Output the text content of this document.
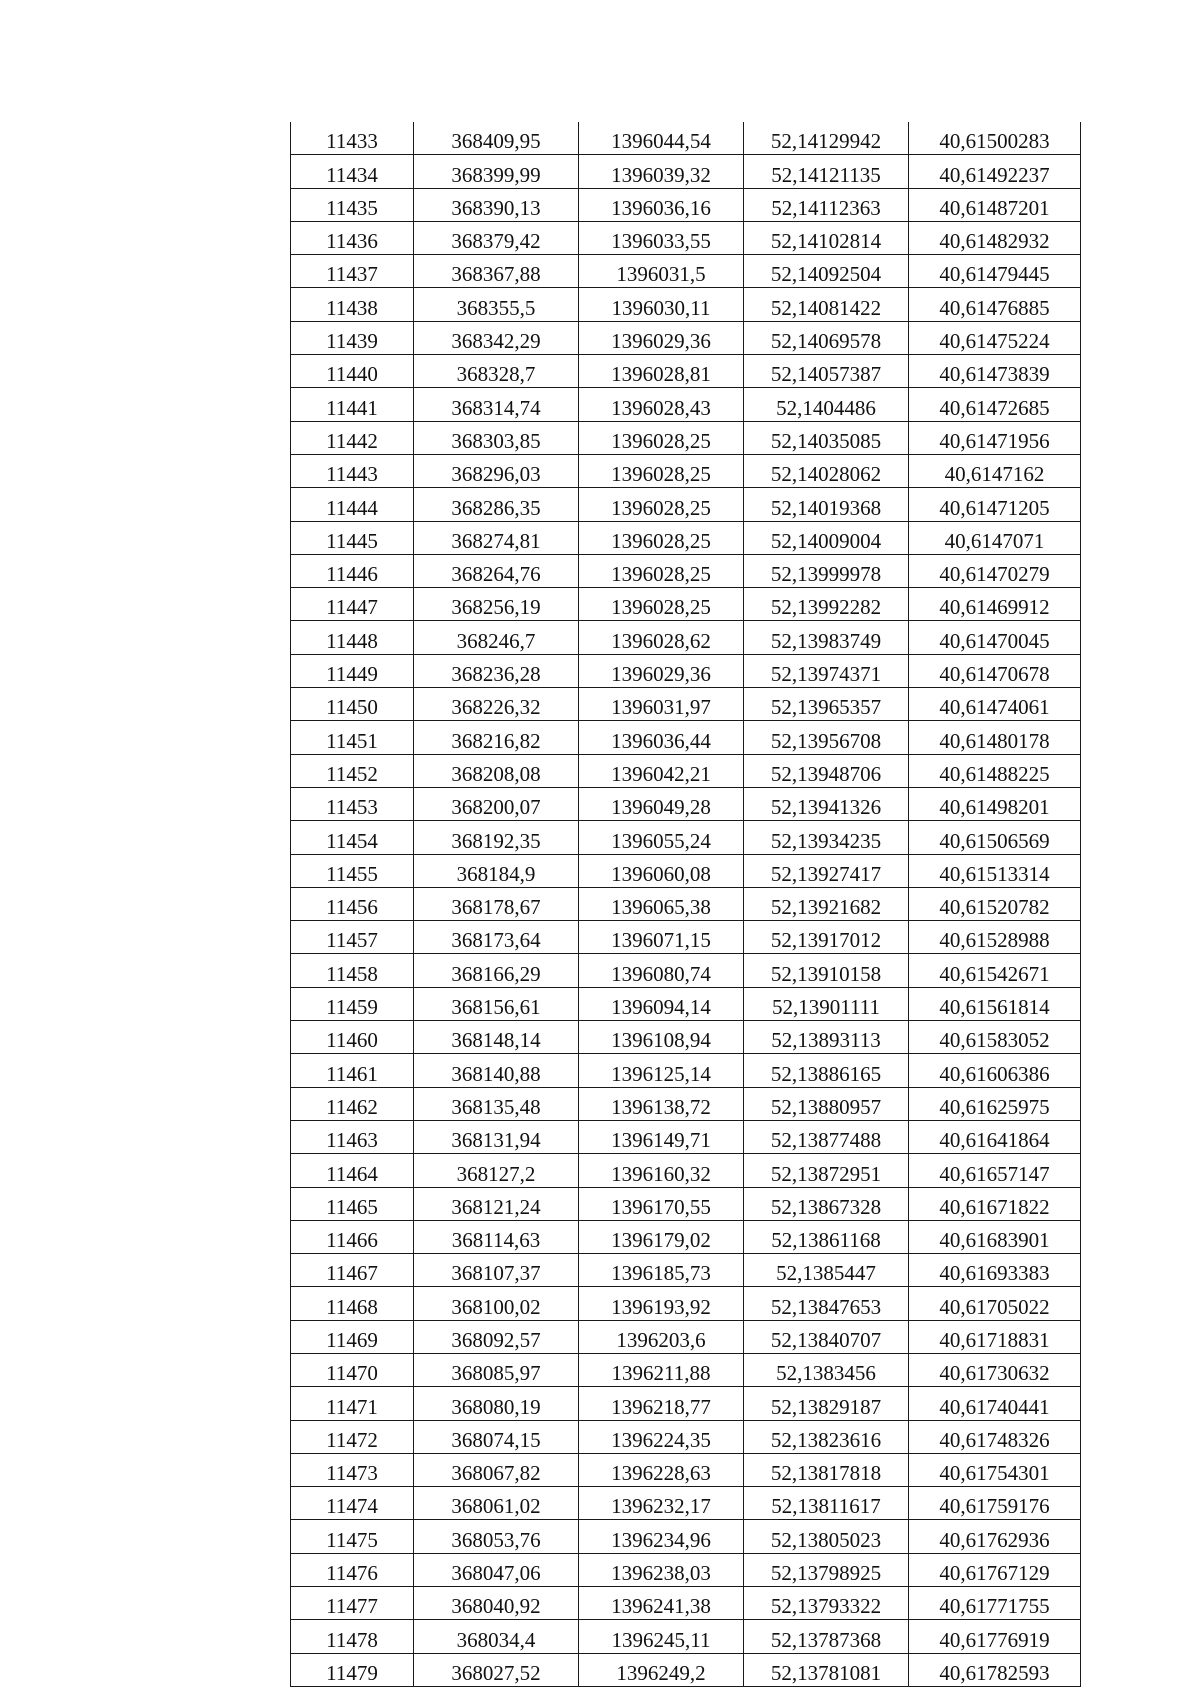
11433	368409,95	1396044,54	52,14129942	40,61500283
11434	368399,99	1396039,32	52,14121135	40,61492237
11435	368390,13	1396036,16	52,14112363	40,61487201
11436	368379,42	1396033,55	52,14102814	40,61482932
11437	368367,88	1396031,5	52,14092504	40,61479445
11438	368355,5	1396030,11	52,14081422	40,61476885
11439	368342,29	1396029,36	52,14069578	40,61475224
11440	368328,7	1396028,81	52,14057387	40,61473839
11441	368314,74	1396028,43	52,1404486	40,61472685
11442	368303,85	1396028,25	52,14035085	40,61471956
11443	368296,03	1396028,25	52,14028062	40,6147162
11444	368286,35	1396028,25	52,14019368	40,61471205
11445	368274,81	1396028,25	52,14009004	40,6147071
11446	368264,76	1396028,25	52,13999978	40,61470279
11447	368256,19	1396028,25	52,13992282	40,61469912
11448	368246,7	1396028,62	52,13983749	40,61470045
11449	368236,28	1396029,36	52,13974371	40,61470678
11450	368226,32	1396031,97	52,13965357	40,61474061
11451	368216,82	1396036,44	52,13956708	40,61480178
11452	368208,08	1396042,21	52,13948706	40,61488225
11453	368200,07	1396049,28	52,13941326	40,61498201
11454	368192,35	1396055,24	52,13934235	40,61506569
11455	368184,9	1396060,08	52,13927417	40,61513314
11456	368178,67	1396065,38	52,13921682	40,61520782
11457	368173,64	1396071,15	52,13917012	40,61528988
11458	368166,29	1396080,74	52,13910158	40,61542671
11459	368156,61	1396094,14	52,13901111	40,61561814
11460	368148,14	1396108,94	52,13893113	40,61583052
11461	368140,88	1396125,14	52,13886165	40,61606386
11462	368135,48	1396138,72	52,13880957	40,61625975
11463	368131,94	1396149,71	52,13877488	40,61641864
11464	368127,2	1396160,32	52,13872951	40,61657147
11465	368121,24	1396170,55	52,13867328	40,61671822
11466	368114,63	1396179,02	52,13861168	40,61683901
11467	368107,37	1396185,73	52,1385447	40,61693383
11468	368100,02	1396193,92	52,13847653	40,61705022
11469	368092,57	1396203,6	52,13840707	40,61718831
11470	368085,97	1396211,88	52,1383456	40,61730632
11471	368080,19	1396218,77	52,13829187	40,61740441
11472	368074,15	1396224,35	52,13823616	40,61748326
11473	368067,82	1396228,63	52,13817818	40,61754301
11474	368061,02	1396232,17	52,13811617	40,61759176
11475	368053,76	1396234,96	52,13805023	40,61762936
11476	368047,06	1396238,03	52,13798925	40,61767129
11477	368040,92	1396241,38	52,13793322	40,61771755
11478	368034,4	1396245,11	52,13787368	40,61776919
11479	368027,52	1396249,2	52,13781081	40,61782593
